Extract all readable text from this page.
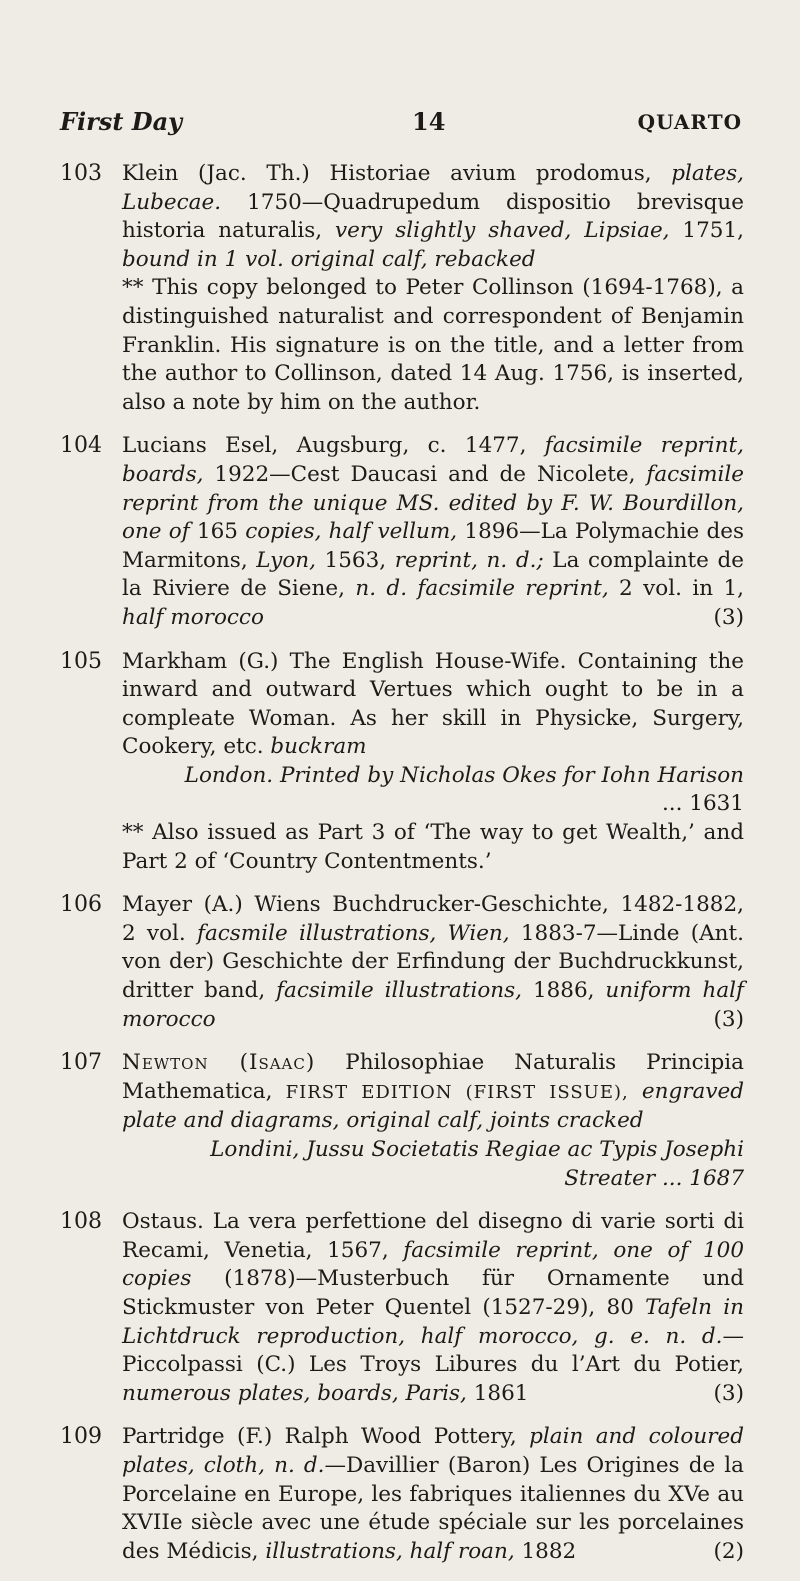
First Day	14	QUARTO
103 Klein (Jac. Th.) Historiae avium prodomus, plates, Lubecae. 1750—Quadrupedum dispositio brevisque historia naturalis, very slightly shaved, Lipsiae, 1751, bound in 1 vol. original calf, rebacked
** This copy belonged to Peter Collinson (1694-1768), a distinguished naturalist and correspondent of Benjamin Franklin. His signature is on the title, and a letter from the author to Collinson, dated 14 Aug. 1756, is inserted, also a note by him on the author.
104 Lucians Esel, Augsburg, c. 1477, facsimile reprint, boards, 1922—Cest Daucasi and de Nicolete, facsimile reprint from the unique MS. edited by F. W. Bourdillon, one of 165 copies, half vellum, 1896—La Polymachie des Marmitons, Lyon, 1563, reprint, n. d.; La complainte de la Riviere de Siene, n. d. facsimile reprint, 2 vol. in 1, half morocco	(3)
105 Markham (G.) The English House-Wife. Containing the inward and outward Vertues which ought to be in a compleate Woman. As her skill in Physicke, Surgery, Cookery, etc. buckram
London. Printed by Nicholas Okes for Iohn Harison
... 1631
** Also issued as Part 3 of ‘The way to get Wealth,’ and Part 2 of ‘Country Contentments.’
106 Mayer (A.) Wiens Buchdrucker-Geschichte, 1482-1882, 2 vol. facsmile illustrations, Wien, 1883-7—Linde (Ant. von der) Geschichte der Erfindung der Buchdruckkunst, dritter band, facsimile illustrations, 1886, uniform half morocco	(3)
107 Newton (Isaac) Philosophiae Naturalis Principia Mathematica, FIRST EDITION (FIRST ISSUE), engraved plate and diagrams, original calf, joints cracked
Londini, Jussu Societatis Regiae ac Typis Josephi
Streater ... 1687
108 Ostaus. La vera perfettione del disegno di varie sorti di Recami, Venetia, 1567, facsimile reprint, one of 100 copies (1878)—Musterbuch für Ornamente und Stickmuster von Peter Quentel (1527-29), 80 Tafeln in Lichtdruck reproduction, half morocco, g. e. n. d.—Piccolpassi (C.) Les Troys Libures du l’Art du Potier, numerous plates, boards, Paris, 1861	(3)
109 Partridge (F.) Ralph Wood Pottery, plain and coloured plates, cloth, n. d.—Davillier (Baron) Les Origines de la Porcelaine en Europe, les fabriques italiennes du XVe au XVIIe siècle avec une étude spéciale sur les porcelaines des Médicis, illustrations, half roan, 1882	(2)
